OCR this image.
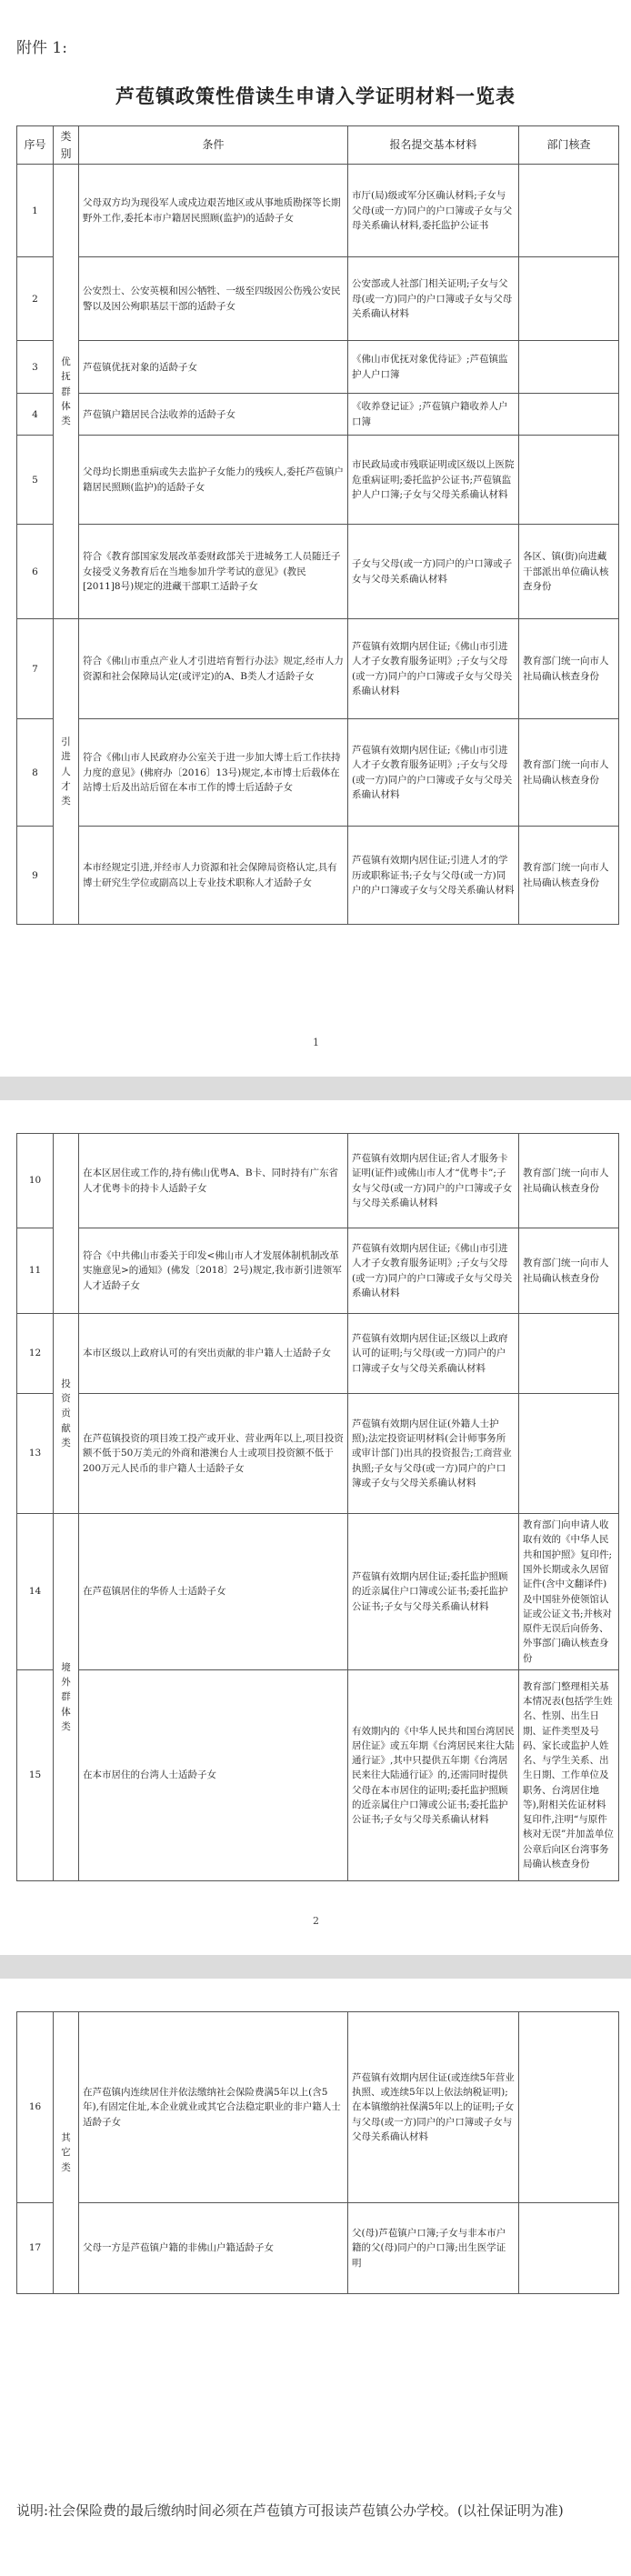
附件 1:
芦苞镇政策性借读生申请入学证明材料一览表
序号	类别	条件	报名提交基本材料	部门核查
1	优抚群体类	父母双方均为现役军人或戍边艰苦地区或从事地质勘探等长期野外工作,委托本市户籍居民照顾(监护)的适龄子女	市厅(局)级或军分区确认材料;子女与父母(或一方)同户的户口簿或子女与父母关系确认材料,委托监护公证书	
2		公安烈士、公安英模和因公牺牲、一级至四级因公伤残公安民警以及因公殉职基层干部的适龄子女	公安部或人社部门相关证明;子女与父母(或一方)同户的户口簿或子女与父母关系确认材料	
3		芦苞镇优抚对象的适龄子女	《佛山市优抚对象优待证》;芦苞镇监护人户口簿	
4		芦苞镇户籍居民合法收养的适龄子女	《收养登记证》;芦苞镇户籍收养人户口簿	
5		父母均长期患重病或失去监护子女能力的残疾人,委托芦苞镇户籍居民照顾(监护)的适龄子女	市民政局或市残联证明或区级以上医院危重病证明;委托监护公证书;芦苞镇监护人户口簿;子女与父母关系确认材料	
6		符合《教育部国家发展改革委财政部关于进城务工人员随迁子女接受义务教育后在当地参加升学考试的意见》(教民[2011]8号)规定的进藏干部职工适龄子女	子女与父母(或一方)同户的户口簿或子女与父母关系确认材料	各区、镇(街)向进藏干部派出单位确认核查身份
7	引进人才类	符合《佛山市重点产业人才引进培育暂行办法》规定,经市人力资源和社会保障局认定(或评定)的A、B类人才适龄子女	芦苞镇有效期内居住证;《佛山市引进人才子女教育服务证明》;子女与父母(或一方)同户的户口簿或子女与父母关系确认材料	教育部门统一向市人社局确认核查身份
8		符合《佛山市人民政府办公室关于进一步加大博士后工作扶持力度的意见》(佛府办〔2016〕13号)规定,本市博士后载体在站博士后及出站后留在本市工作的博士后适龄子女	芦苞镇有效期内居住证;《佛山市引进人才子女教育服务证明》;子女与父母(或一方)同户的户口簿或子女与父母关系确认材料	教育部门统一向市人社局确认核查身份
9		本市经规定引进,并经市人力资源和社会保障局资格认定,具有博士研究生学位或副高以上专业技术职称人才适龄子女	芦苞镇有效期内居住证;引进人才的学历或职称证书;子女与父母(或一方)同户的户口簿或子女与父母关系确认材料	教育部门统一向市人社局确认核查身份
1
10		在本区居住或工作的,持有佛山优粤A、B卡、同时持有广东省人才优粤卡的持卡人适龄子女	芦苞镇有效期内居住证;省人才服务卡证明(证件)或佛山市人才“优粤卡”;子女与父母(或一方)同户的户口簿或子女与父母关系确认材料	教育部门统一向市人社局确认核查身份
11		符合《中共佛山市委关于印发<佛山市人才发展体制机制改革实施意见>的通知》(佛发〔2018〕2号)规定,我市新引进领军人才适龄子女	芦苞镇有效期内居住证;《佛山市引进人才子女教育服务证明》;子女与父母(或一方)同户的户口簿或子女与父母关系确认材料	教育部门统一向市人社局确认核查身份
12	投资贡献类	本市区级以上政府认可的有突出贡献的非户籍人士适龄子女	芦苞镇有效期内居住证;区级以上政府认可的证明;与父母(或一方)同户的户口簿或子女与父母关系确认材料	
13		在芦苞镇投资的项目竣工投产或开业、营业两年以上,项目投资额不低于50万美元的外商和港澳台人士或项目投资额不低于200万元人民币的非户籍人士适龄子女	芦苞镇有效期内居住证(外籍人士护照);法定投资证明材料(会计师事务所或审计部门)出具的投资报告;工商营业执照;子女与父母(或一方)同户的户口簿或子女与父母关系确认材料	
14	境外群体类	在芦苞镇居住的华侨人士适龄子女	芦苞镇有效期内居住证;委托监护照顾的近亲属住户口簿或公证书;委托监护公证书;子女与父母关系确认材料	教育部门向申请人收取有效的《中华人民共和国护照》复印件;国外长期或永久居留证件(含中文翻译件)及中国驻外使领馆认证或公证文书;并核对原件无误后向侨务、外事部门确认核查身份
15		在本市居住的台湾人士适龄子女	有效期内的《中华人民共和国台湾居民居住证》或五年期《台湾居民来往大陆通行证》,其中只提供五年期《台湾居民来往大陆通行证》的,还需同时提供父母在本市居住的证明;委托监护照顾的近亲属住户口簿或公证书;委托监护公证书;子女与父母关系确认材料	教育部门整理相关基本情况表(包括学生姓名、性别、出生日期、证件类型及号码、家长或监护人姓名、与学生关系、出生日期、工作单位及职务、台湾居住地等),附相关佐证材料复印件,注明“与原件核对无误”并加盖单位公章后向区台湾事务局确认核查身份
2
16	其它类	在芦苞镇内连续居住并依法缴纳社会保险费满5年以上(含5年),有固定住址,本企业就业或其它合法稳定职业的非户籍人士适龄子女	芦苞镇有效期内居住证(或连续5年营业执照、或连续5年以上依法纳税证明);在本镇缴纳社保满5年以上的证明;子女与父母(或一方)同户的户口簿或子女与父母关系确认材料	
17		父母一方是芦苞镇户籍的非佛山户籍适龄子女	父(母)芦苞镇户口簿;子女与非本市户籍的父(母)同户的户口簿;出生医学证明	
说明:社会保险费的最后缴纳时间必须在芦苞镇方可报读芦苞镇公办学校。(以社保证明为准)
